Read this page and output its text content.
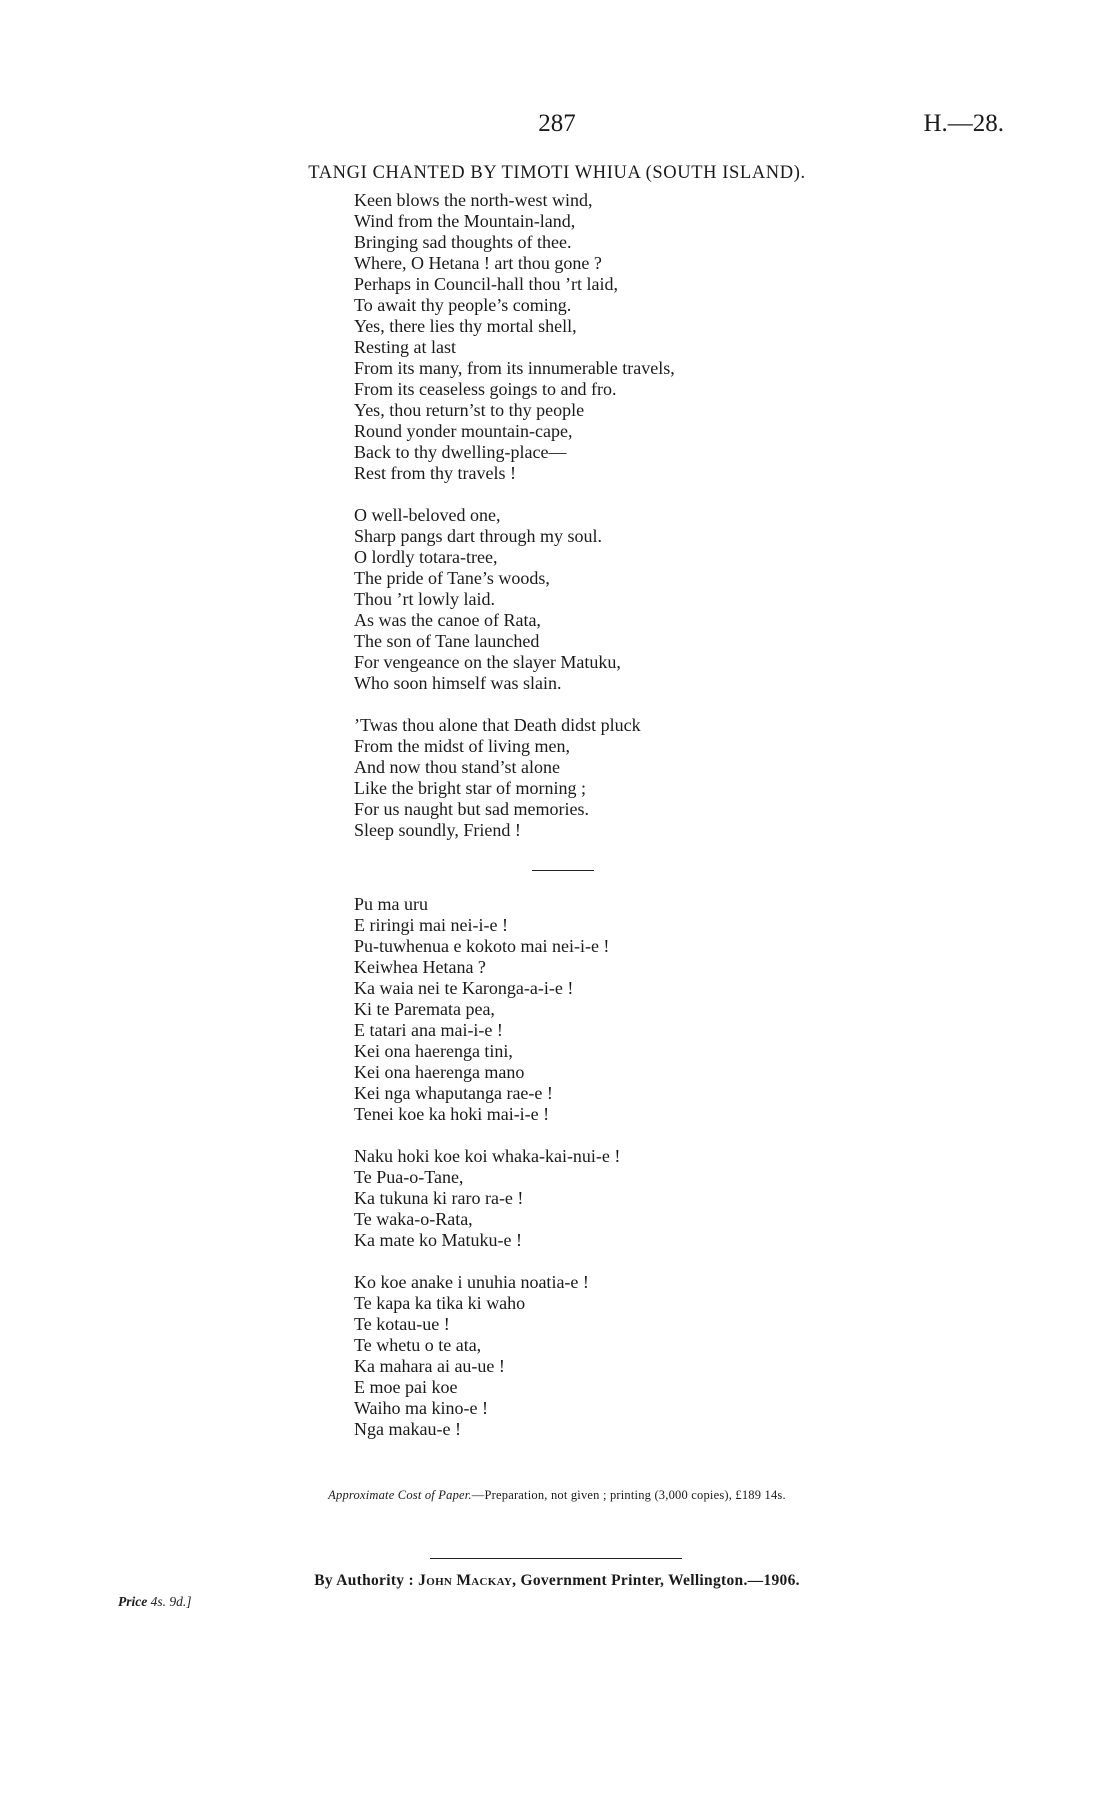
287	H.—28.
TANGI CHANTED BY TIMOTI WHIUA (SOUTH ISLAND).
Keen blows the north-west wind,
Wind from the Mountain-land,
Bringing sad thoughts of thee.
Where, O Hetana ! art thou gone ?
Perhaps in Council-hall thou ’rt laid,
To await thy people’s coming.
Yes, there lies thy mortal shell,
Resting at last
From its many, from its innumerable travels,
From its ceaseless goings to and fro.
Yes, thou return’st to thy people
Round yonder mountain-cape,
Back to thy dwelling-place—
Rest from thy travels !
O well-beloved one,
Sharp pangs dart through my soul.
O lordly totara-tree,
The pride of Tane’s woods,
Thou ’rt lowly laid.
As was the canoe of Rata,
The son of Tane launched
For vengeance on the slayer Matuku,
Who soon himself was slain.
’Twas thou alone that Death didst pluck
From the midst of living men,
And now thou stand’st alone
Like the bright star of morning ;
For us naught but sad memories.
Sleep soundly, Friend !
Pu ma uru
E riringi mai nei-i-e !
Pu-tuwhenua e kokoto mai nei-i-e !
Keiwhea Hetana ?
Ka waia nei te Karonga-a-i-e !
Ki te Paremata pea,
E tatari ana mai-i-e !
Kei ona haerenga tini,
Kei ona haerenga mano
Kei nga whaputanga rae-e !
Tenei koe ka hoki mai-i-e !
Naku hoki koe koi whaka-kai-nui-e !
Te Pua-o-Tane,
Ka tukuna ki raro ra-e !
Te waka-o-Rata,
Ka mate ko Matuku-e !
Ko koe anake i unuhia noatia-e !
Te kapa ka tika ki waho
Te kotau-ue !
Te whetu o te ata,
Ka mahara ai au-ue !
E moe pai koe
Waiho ma kino-e !
Nga makau-e !
Approximate Cost of Paper.—Preparation, not given ; printing (3,000 copies), £189 14s.
By Authority : John Mackay, Government Printer, Wellington.—1906.
Price 4s. 9d.]
